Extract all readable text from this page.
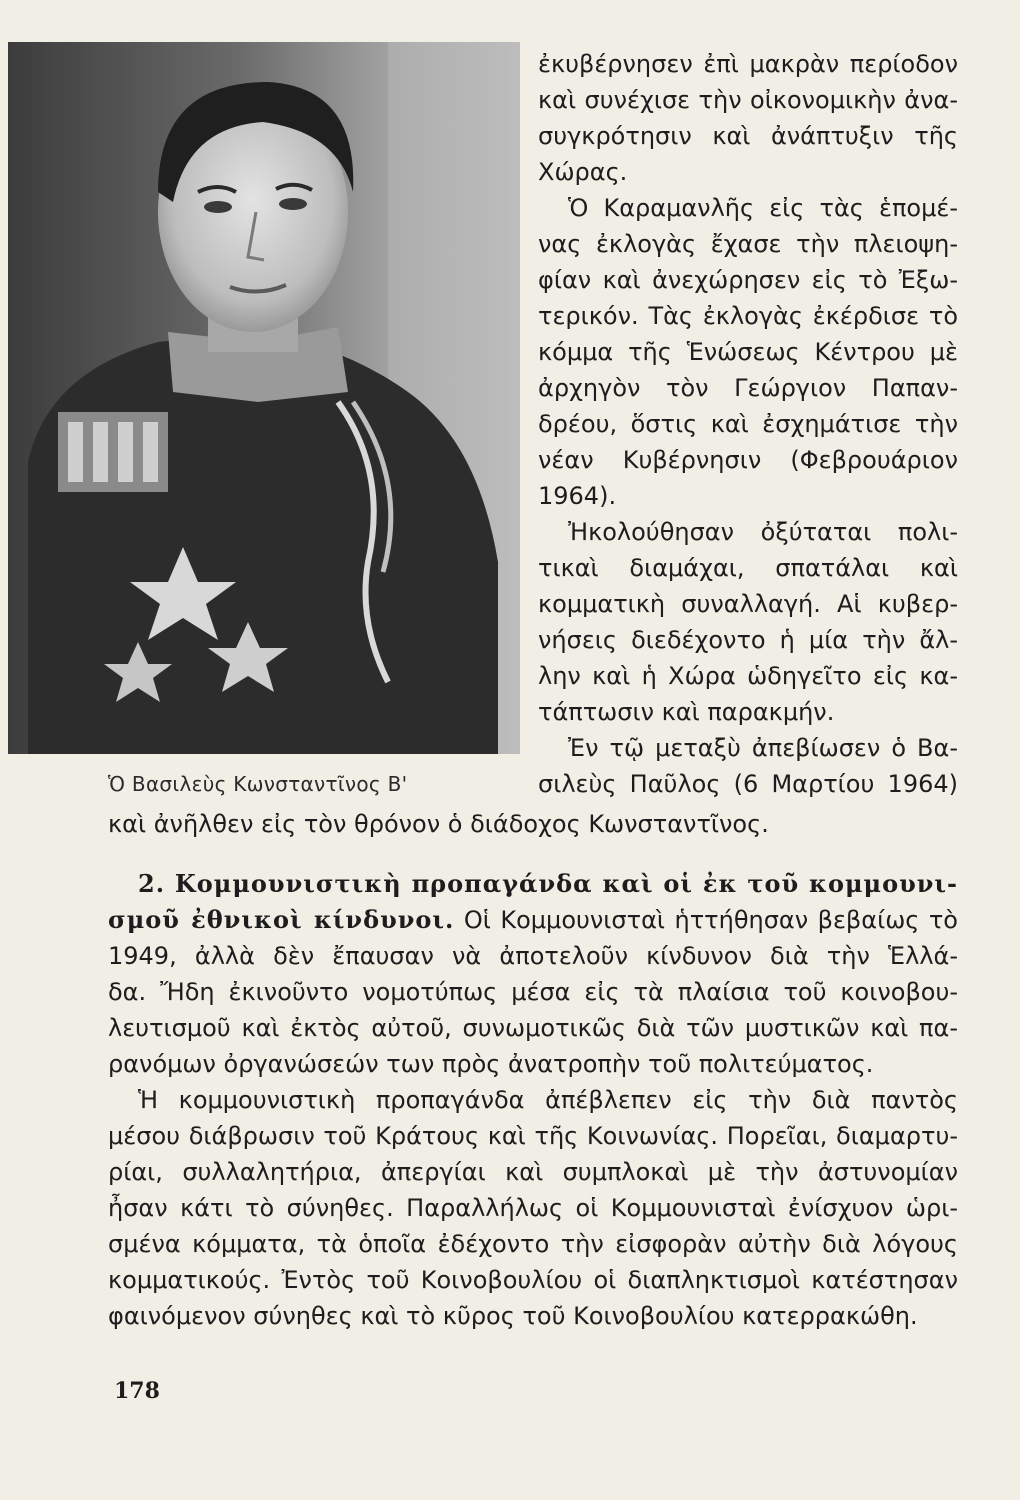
Ὁ Βασιλεὺς Κωνσταντῖνος Β'
ἐκυβέρνησεν ἐπὶ μακρὰν περίοδον
καὶ συνέχισε τὴν οἰκονομικὴν ἀνα-
συγκρότησιν καὶ ἀνάπτυξιν τῆς
Χώρας.
Ὁ Καραμανλῆς εἰς τὰς ἑπομέ-
νας ἐκλογὰς ἔχασε τὴν πλειοψη-
φίαν καὶ ἀνεχώρησεν εἰς τὸ Ἐξω-
τερικόν. Τὰς ἐκλογὰς ἐκέρδισε τὸ
κόμμα τῆς Ἑνώσεως Κέντρου μὲ
ἀρχηγὸν τὸν Γεώργιον Παπαν-
δρέου, ὅστις καὶ ἐσχημάτισε τὴν
νέαν Κυβέρνησιν (Φεβρουάριον
1964).
Ἠκολούθησαν ὀξύταται πολι-
τικαὶ διαμάχαι, σπατάλαι καὶ
κομματικὴ συναλλαγή. Αἱ κυβερ-
νήσεις διεδέχοντο ἡ μία τὴν ἄλ-
λην καὶ ἡ Χώρα ὡδηγεῖτο εἰς κα-
τάπτωσιν καὶ παρακμήν.
Ἐν τῷ μεταξὺ ἀπεβίωσεν ὁ Βα-
σιλεὺς Παῦλος (6 Μαρτίου 1964)
καὶ ἀνῆλθεν εἰς τὸν θρόνον ὁ διάδοχος Κωνσταντῖνος.
2. Κομμουνιστικὴ προπαγάνδα καὶ οἱ ἐκ τοῦ κομμουνι-
σμοῦ ἐθνικοὶ κίνδυνοι. Οἱ Κομμουνισταὶ ἡττήθησαν βεβαίως τὸ
1949, ἀλλὰ δὲν ἔπαυσαν νὰ ἀποτελοῦν κίνδυνον διὰ τὴν Ἑλλά-
δα. Ἤδη ἐκινοῦντο νομοτύπως μέσα εἰς τὰ πλαίσια τοῦ κοινοβου-
λευτισμοῦ καὶ ἐκτὸς αὐτοῦ, συνωμοτικῶς διὰ τῶν μυστικῶν καὶ πα-
ρανόμων ὀργανώσεών των πρὸς ἀνατροπὴν τοῦ πολιτεύματος.
Ἡ κομμουνιστικὴ προπαγάνδα ἀπέβλεπεν εἰς τὴν διὰ παντὸς
μέσου διάβρωσιν τοῦ Κράτους καὶ τῆς Κοινωνίας. Πορεῖαι, διαμαρτυ-
ρίαι, συλλαλητήρια, ἀπεργίαι καὶ συμπλοκαὶ μὲ τὴν ἀστυνομίαν
ἦσαν κάτι τὸ σύνηθες. Παραλλήλως οἱ Κομμουνισταὶ ἐνίσχυον ὡρι-
σμένα κόμματα, τὰ ὁποῖα ἐδέχοντο τὴν εἰσφορὰν αὐτὴν διὰ λόγους
κομματικούς. Ἐντὸς τοῦ Κοινοβουλίου οἱ διαπληκτισμοὶ κατέστησαν
φαινόμενον σύνηθες καὶ τὸ κῦρος τοῦ Κοινοβουλίου κατερρακώθη.
178
